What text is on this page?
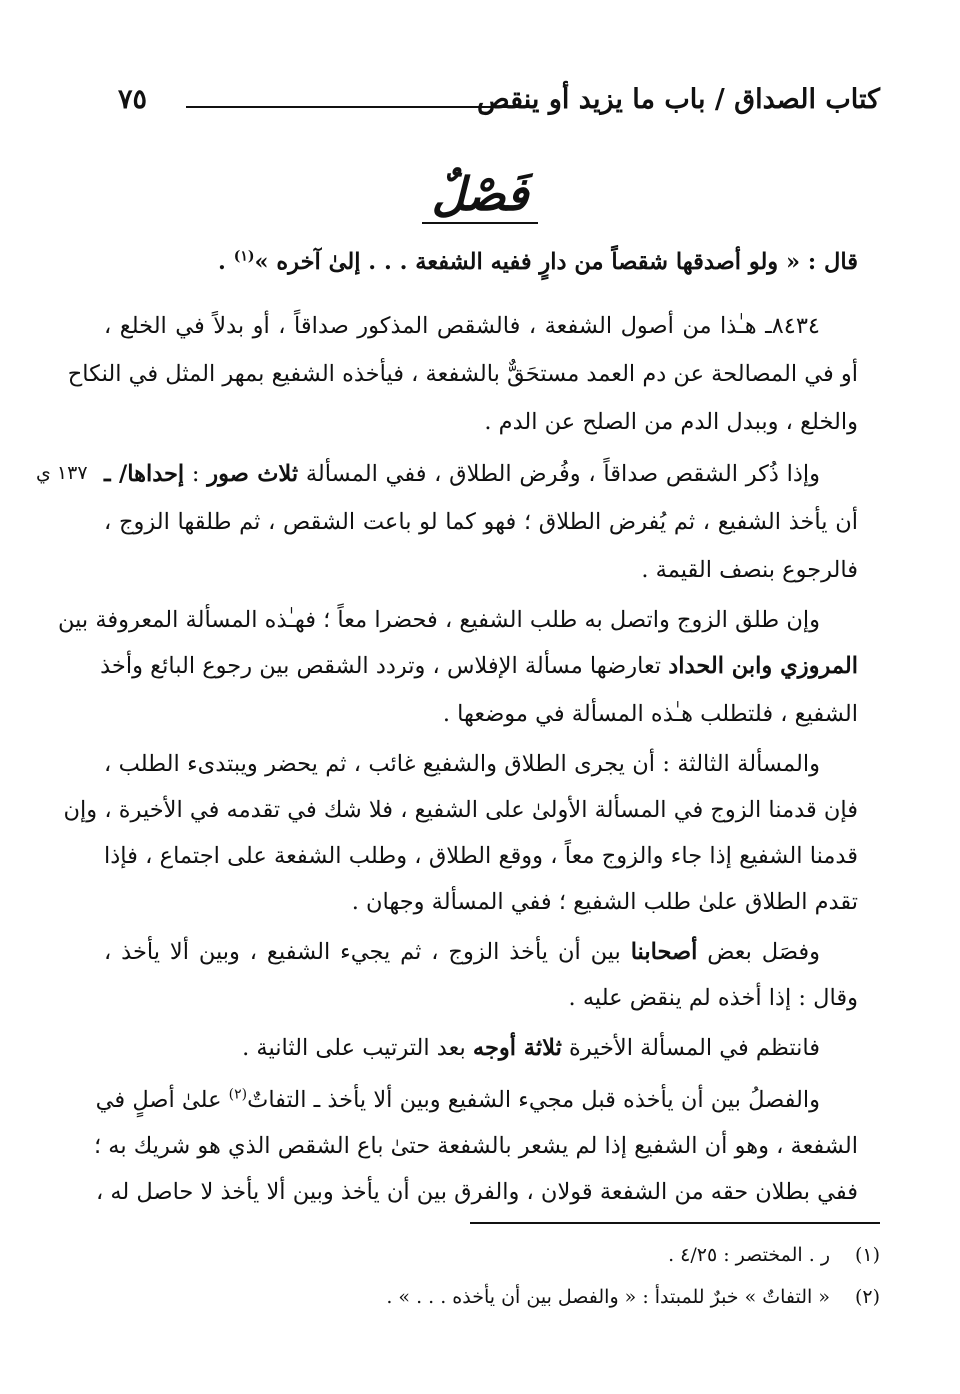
كتاب الصداق / باب ما يزيد أو ينقص
٧٥
فَصْلٌ
قال : « ولو أصدقها شقصاً من دارٍ ففيه الشفعة . . . إلىٰ آخره »$^{(١)}$ .
٨٤٣٤ـ هـٰذا من أصول الشفعة ، فالشقص المذكور صداقاً ، أو بدلاً في الخلع ،
أو في المصالحة عن دم العمد مستحَقٌّ بالشفعة ، فيأخذه الشفيع بمهر المثل في النكاح
والخلع ، وببدل الدم من الصلح عن الدم .
١٣٧ ي	وإذا ذُكر الشقص صداقاً ، وفُرض الطلاق ، ففي المسألة ثلاث صور : إحداها/ ـ
أن يأخذ الشفيع ، ثم يُفرض الطلاق ؛ فهو كما لو باعت الشقص ، ثم طلقها الزوج ،
فالرجوع بنصف القيمة .
وإن طلق الزوج واتصل به طلب الشفيع ، فحضرا معاً ؛ فهـٰذه المسألة المعروفة بين
المروزي وابن الحداد تعارضها مسألة الإفلاس ، وتردد الشقص بين رجوع البائع وأخذ
الشفيع ، فلتطلب هـٰذه المسألة في موضعها .
والمسألة الثالثة : أن يجرى الطلاق والشفيع غائب ، ثم يحضر ويبتدىء الطلب ،
فإن قدمنا الزوج في المسألة الأولىٰ على الشفيع ، فلا شك في تقدمه في الأخيرة ، وإن
قدمنا الشفيع إذا جاء والزوج معاً ، ووقع الطلاق ، وطلب الشفعة على اجتماع ، فإذا
تقدم الطلاق علىٰ طلب الشفيع ؛ ففي المسألة وجهان .
وفصَل بعض أصحابنا بين أن يأخذ الزوج ، ثم يجيء الشفيع ، وبين ألا يأخذ ،
وقال : إذا أخذه لم ينقض عليه .
فانتظم في المسألة الأخيرة ثلاثة أوجه بعد الترتيب على الثانية .
والفصلُ بين أن يأخذه قبل مجيء الشفيع وبين ألا يأخذ ـ التفاتٌ$^{(٢)}$ علىٰ أصلٍ في
الشفعة ، وهو أن الشفيع إذا لم يشعر بالشفعة حتىٰ باع الشقص الذي هو شريك به ؛
ففي بطلان حقه من الشفعة قولان ، والفرق بين أن يأخذ وبين ألا يأخذ لا حاصل له ،
(١)ر . المختصر : ٤/٢٥ .
(٢)« التفاتٌ » خبرٌ للمبتدأ : « والفصل بين أن يأخذه . . . » .
